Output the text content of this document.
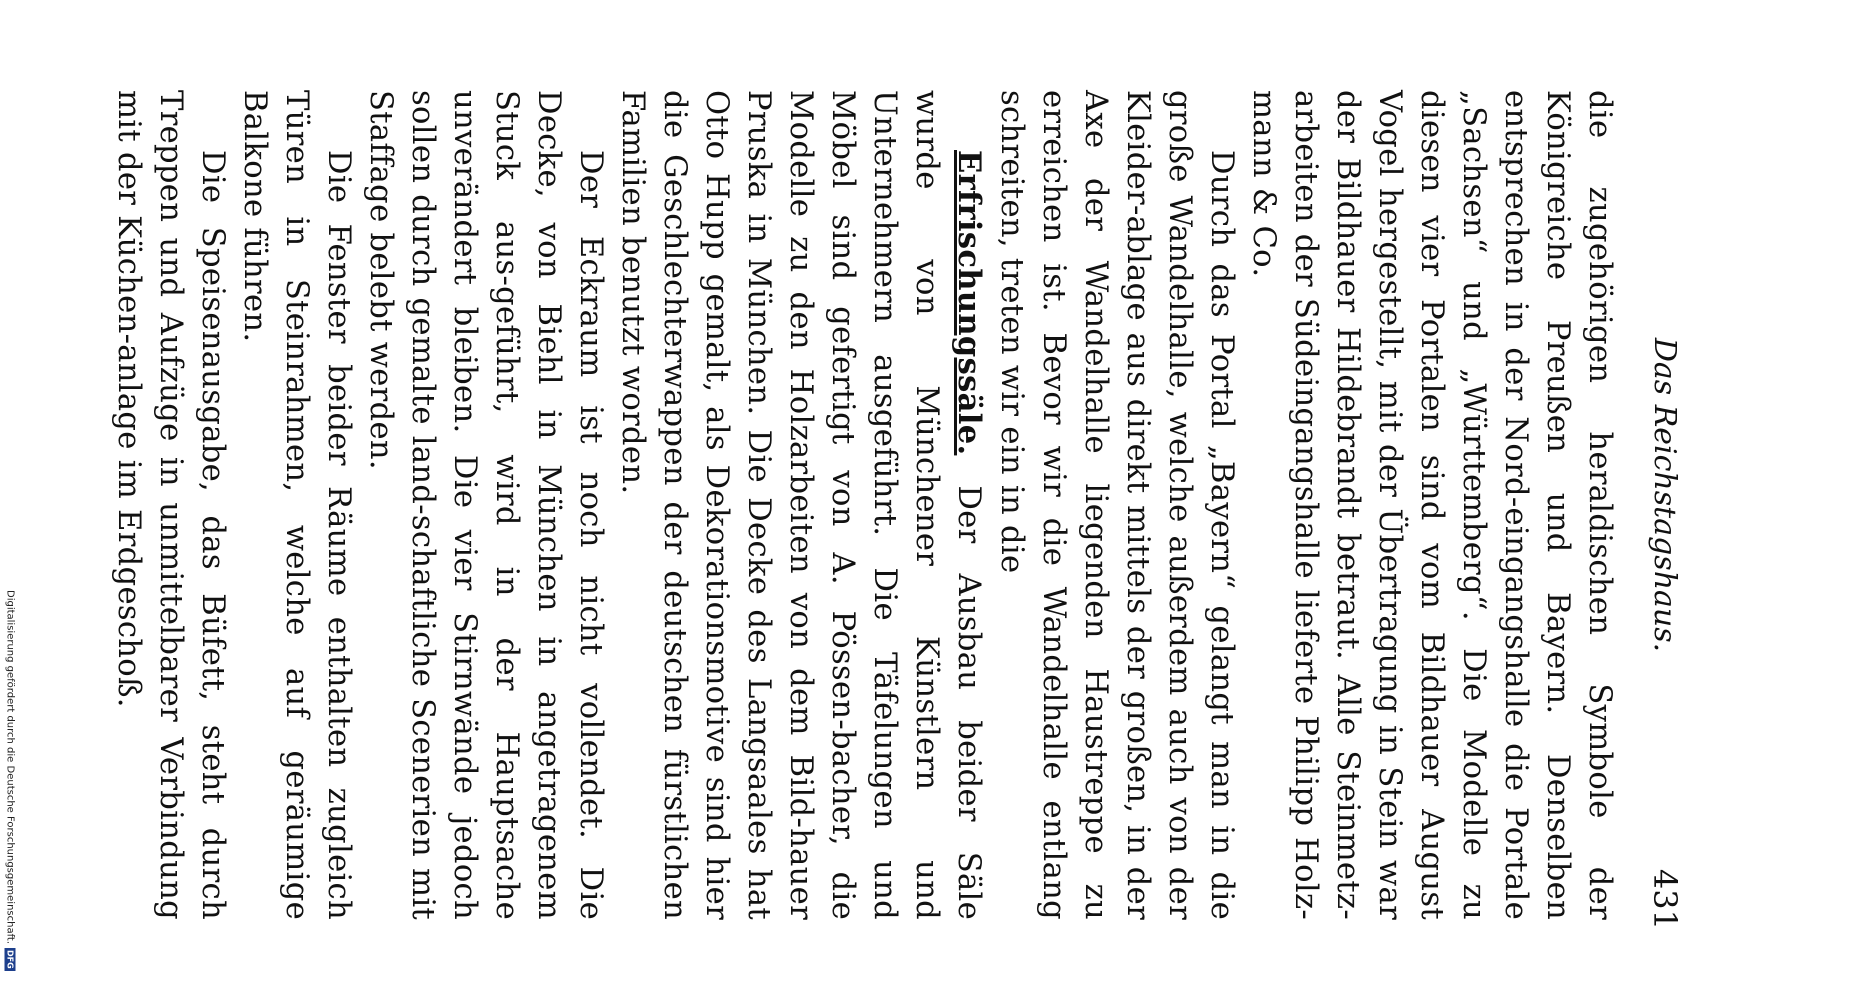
Digitalisierung gefördert durch die Deutsche Forschungsgemeinschaft.
DFG
Das Reichstagshaus.
431

die zugehörigen heraldischen Symbole der Königreiche Preußen und Bayern. Denselben entsprechen in der Nord-eingangshalle die Portale „Sachsen“ und „Württemberg“. Die Modelle zu diesen vier Portalen sind vom Bildhauer August Vogel hergestellt, mit der Übertragung in Stein war der Bildhauer Hildebrandt betraut. Alle Steinmetz-arbeiten der Südeingangshalle lieferte Philipp Holz-mann & Co.

Durch das Portal „Bayern“ gelangt man in die große Wandelhalle, welche außerdem auch von der Kleider-ablage aus direkt mittels der großen, in der Axe der Wandelhalle liegenden Haustreppe zu erreichen ist. Bevor wir die Wandelhalle entlang schreiten, treten wir ein in die

Erfrischungssäle. Der Ausbau beider Säle wurde von Münchener Künstlern und Unternehmern ausgeführt. Die Täfelungen und Möbel sind gefertigt von A. Pössen-bacher, die Modelle zu den Holzarbeiten von dem Bild-hauer Pruska in München. Die Decke des Langsaales hat Otto Hupp gemalt, als Dekorationsmotive sind hier die Geschlechterwappen der deutschen fürstlichen Familien benutzt worden.

Der Eckraum ist noch nicht vollendet. Die Decke, von Biehl in München in angetragenem Stuck aus-geführt, wird in der Hauptsache unverändert bleiben. Die vier Stirnwände jedoch sollen durch gemalte land-schaftliche Scenerien mit Staffage belebt werden.

Die Fenster beider Räume enthalten zugleich Türen in Steinrahmen, welche auf geräumige Balkone führen.

Die Speisenausgabe, das Büfett, steht durch Treppen und Aufzüge in unmittelbarer Verbindung mit der Küchen-anlage im Erdgeschoß.
